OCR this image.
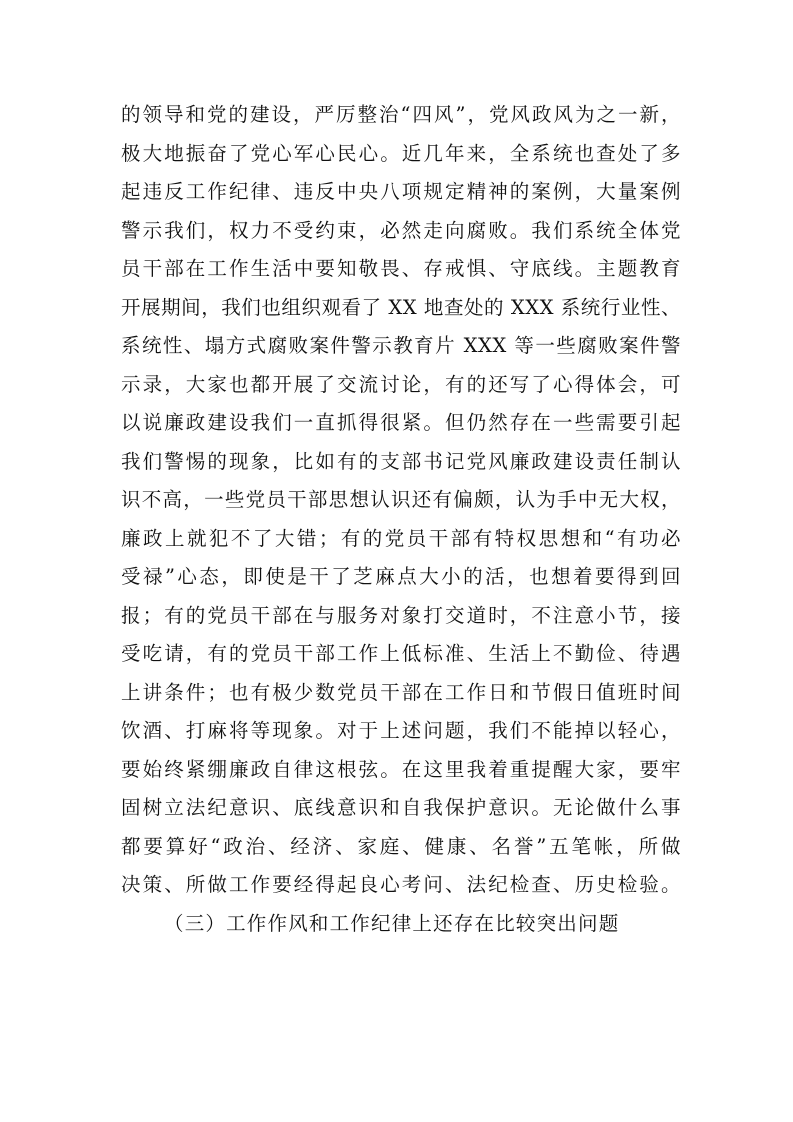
的领导和党的建设，严厉整治“四风”，党风政风为之一新，
极大地振奋了党心军心民心。近几年来，全系统也查处了多
起违反工作纪律、违反中央八项规定精神的案例，大量案例
警示我们，权力不受约束，必然走向腐败。我们系统全体党
员干部在工作生活中要知敬畏、存戒惧、守底线。主题教育
开展期间，我们也组织观看了 XX 地查处的 XXX 系统行业性、
系统性、塌方式腐败案件警示教育片 XXX 等一些腐败案件警
示录，大家也都开展了交流讨论，有的还写了心得体会，可
以说廉政建设我们一直抓得很紧。但仍然存在一些需要引起
我们警惕的现象，比如有的支部书记党风廉政建设责任制认
识不高，一些党员干部思想认识还有偏颇，认为手中无大权，
廉政上就犯不了大错；有的党员干部有特权思想和“有功必
受禄”心态，即使是干了芝麻点大小的活，也想着要得到回
报；有的党员干部在与服务对象打交道时，不注意小节，接
受吃请，有的党员干部工作上低标准、生活上不勤俭、待遇
上讲条件；也有极少数党员干部在工作日和节假日值班时间
饮酒、打麻将等现象。对于上述问题，我们不能掉以轻心，
要始终紧绷廉政自律这根弦。在这里我着重提醒大家，要牢
固树立法纪意识、底线意识和自我保护意识。无论做什么事
都要算好“政治、经济、家庭、健康、名誉”五笔帐，所做
决策、所做工作要经得起良心考问、法纪检查、历史检验。
（三）工作作风和工作纪律上还存在比较突出问题
